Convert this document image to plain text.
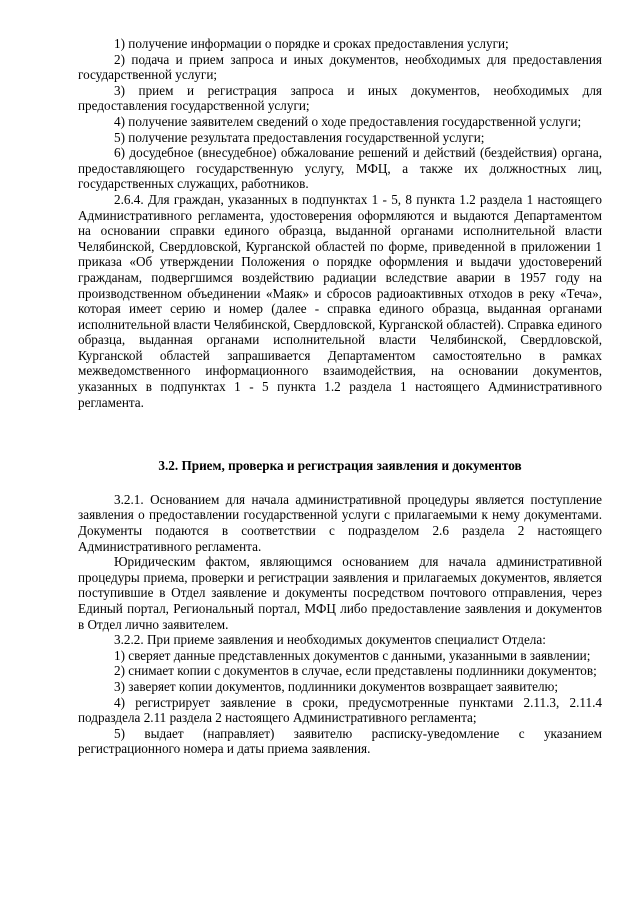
1) получение информации о порядке и сроках предоставления услуги;

2) подача и прием запроса и иных документов, необходимых для предоставления государственной услуги;

3) прием и регистрация запроса и иных документов, необходимых для предоставления государственной услуги;

4) получение заявителем сведений о ходе предоставления государственной услуги;

5) получение результата предоставления государственной услуги;

6) досудебное (внесудебное) обжалование решений и действий (бездействия) органа, предоставляющего государственную услугу, МФЦ, а также их должностных лиц, государственных служащих, работников.

2.6.4. Для граждан, указанных в подпунктах 1 - 5, 8 пункта 1.2 раздела 1 настоящего Административного регламента, удостоверения оформляются и выдаются Департаментом на основании справки единого образца, выданной органами исполнительной власти Челябинской, Свердловской, Курганской областей по форме, приведенной в приложении 1 приказа «Об утверждении Положения о порядке оформления и выдачи удостоверений гражданам, подвергшимся воздействию радиации вследствие аварии в 1957 году на производственном объединении «Маяк» и сбросов радиоактивных отходов в реку «Теча», которая имеет серию и номер (далее - справка единого образца, выданная органами исполнительной власти Челябинской, Свердловской, Курганской областей). Справка единого образца, выданная органами исполнительной власти Челябинской, Свердловской, Курганской областей запрашивается Департаментом самостоятельно в рамках межведомственного информационного взаимодействия, на основании документов, указанных в подпунктах 1 - 5 пункта 1.2 раздела 1 настоящего Административного регламента.

3.2. Прием, проверка и регистрация заявления и документов

3.2.1. Основанием для начала административной процедуры является поступление заявления о предоставлении государственной услуги с прилагаемыми к нему документами. Документы подаются в соответствии с подразделом 2.6 раздела 2 настоящего Административного регламента.

Юридическим фактом, являющимся основанием для начала административной процедуры приема, проверки и регистрации заявления и прилагаемых документов, является поступившие в Отдел заявление и документы посредством почтового отправления, через Единый портал, Региональный портал, МФЦ либо предоставление заявления и документов в Отдел лично заявителем.

3.2.2. При приеме заявления и необходимых документов специалист Отдела:

1) сверяет данные представленных документов с данными, указанными в заявлении;

2) снимает копии с документов в случае, если представлены подлинники документов;

3) заверяет копии документов, подлинники документов возвращает заявителю;

4) регистрирует заявление в сроки, предусмотренные пунктами 2.11.3, 2.11.4 подраздела 2.11 раздела 2 настоящего Административного регламента;

5) выдает (направляет) заявителю расписку-уведомление с указанием регистрационного номера и даты приема заявления.
